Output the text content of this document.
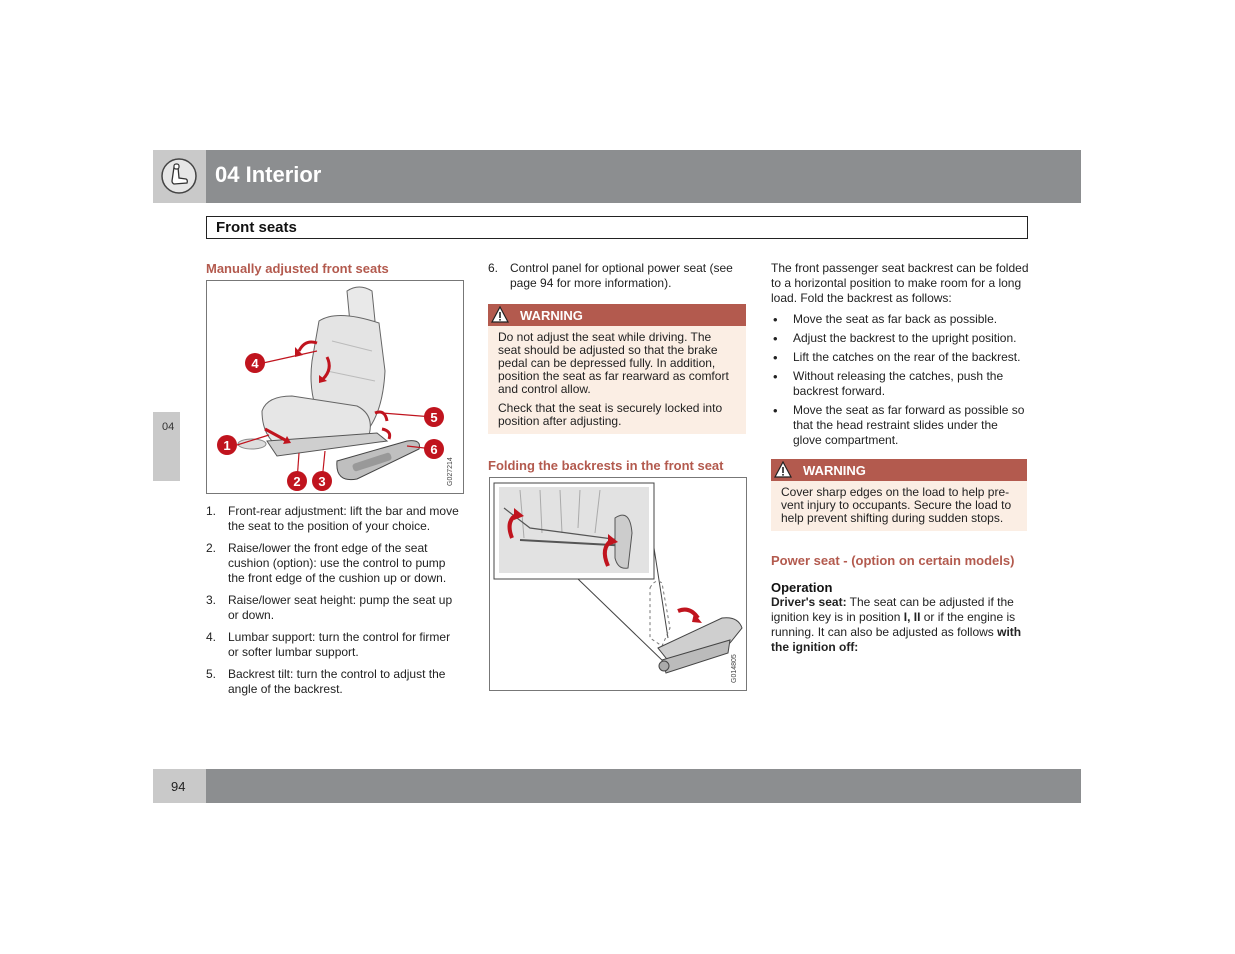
04 Interior
Front seats
04
Manually adjusted front seats
4
5
6
1
2 3	G027214
1. Front-rear adjustment: lift the bar and move the seat to the position of your choice.
2. Raise/lower the front edge of the seat cushion (option): use the control to pump the front edge of the cushion up or down.
3. Raise/lower seat height: pump the seat up or down.
4. Lumbar support: turn the control for firmer or softer lumbar support.
5. Backrest tilt: turn the control to adjust the angle of the backrest.
6. Control panel for optional power seat (see page 94 for more information).
WARNING

Do not adjust the seat while driving. The seat should be adjusted so that the brake pedal can be depressed fully. In addition, position the seat as far rearward as comfort and control allow.

Check that the seat is securely locked into position after adjusting.

Folding the backrests in the front seat
G014805

The front passenger seat backrest can be folded to a horizontal position to make room for a long load. Fold the backrest as follows:

• Move the seat as far back as possible.
• Adjust the backrest to the upright position.
• Lift the catches on the rear of the backrest.
• Without releasing the catches, push the backrest forward.
• Move the seat as far forward as possible so that the head restraint slides under the glove compartment.
WARNING

Cover sharp edges on the load to help pre-vent injury to occupants. Secure the load to help prevent shifting during sudden stops.

Power seat - (option on certain models)
Operation

Driver's seat: The seat can be adjusted if the ignition key is in position I, II or if the engine is running. It can also be adjusted as follows with the ignition off:

94
